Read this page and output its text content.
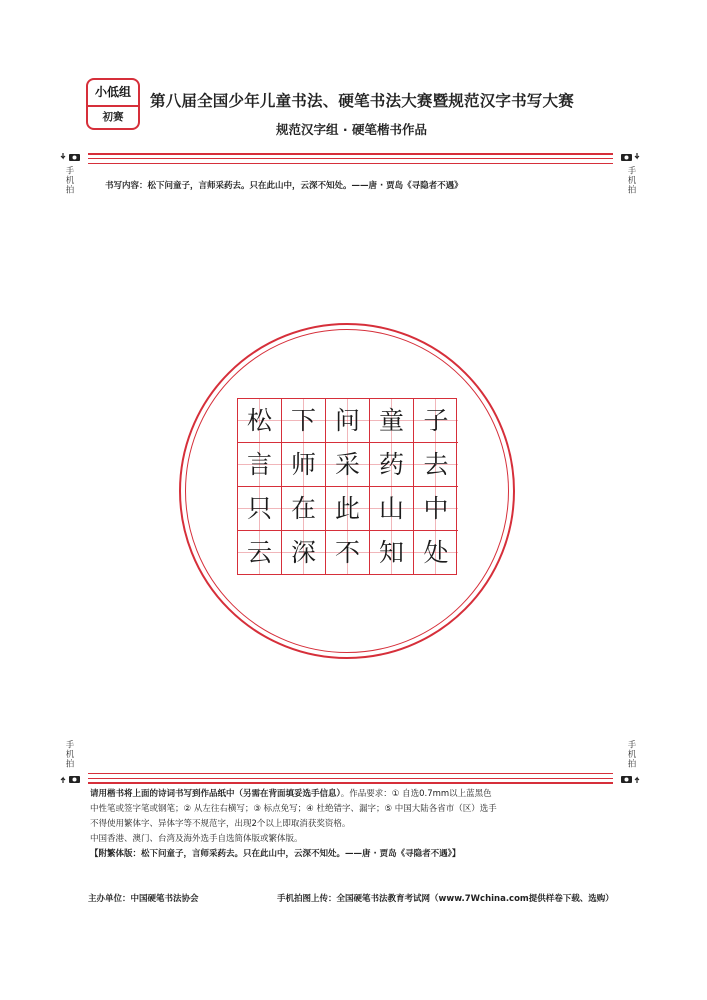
小低组
初赛
第八届全国少年儿童书法、硬笔书法大赛暨规范汉字书写大赛
规范汉字组 · 硬笔楷书作品
手机拍	手机拍
书写内容：松下问童子，言师采药去。只在此山中，云深不知处。——唐 · 贾岛《寻隐者不遇》
松 下 问 童 子
言 师 采 药 去
只 在 此 山 中
云 深 不 知 处
手机拍	手机拍
请用楷书将上面的诗词书写到作品纸中（另需在背面填妥选手信息）。作品要求：① 自选0.7mm以上蓝黑色
中性笔或签字笔或钢笔；② 从左往右横写；③ 标点免写；④ 杜绝错字、漏字；⑤ 中国大陆各省市（区）选手
不得使用繁体字、异体字等不规范字，出现2个以上即取消获奖资格。
中国香港、澳门、台湾及海外选手自选简体版或繁体版。
【附繁体版：松下问童子，言师采药去。只在此山中，云深不知处。——唐 · 贾岛《寻隐者不遇》】
主办单位：中国硬笔书法协会	手机拍图上传：全国硬笔书法教育考试网（www.7Wchina.com提供样卷下载、选购）
